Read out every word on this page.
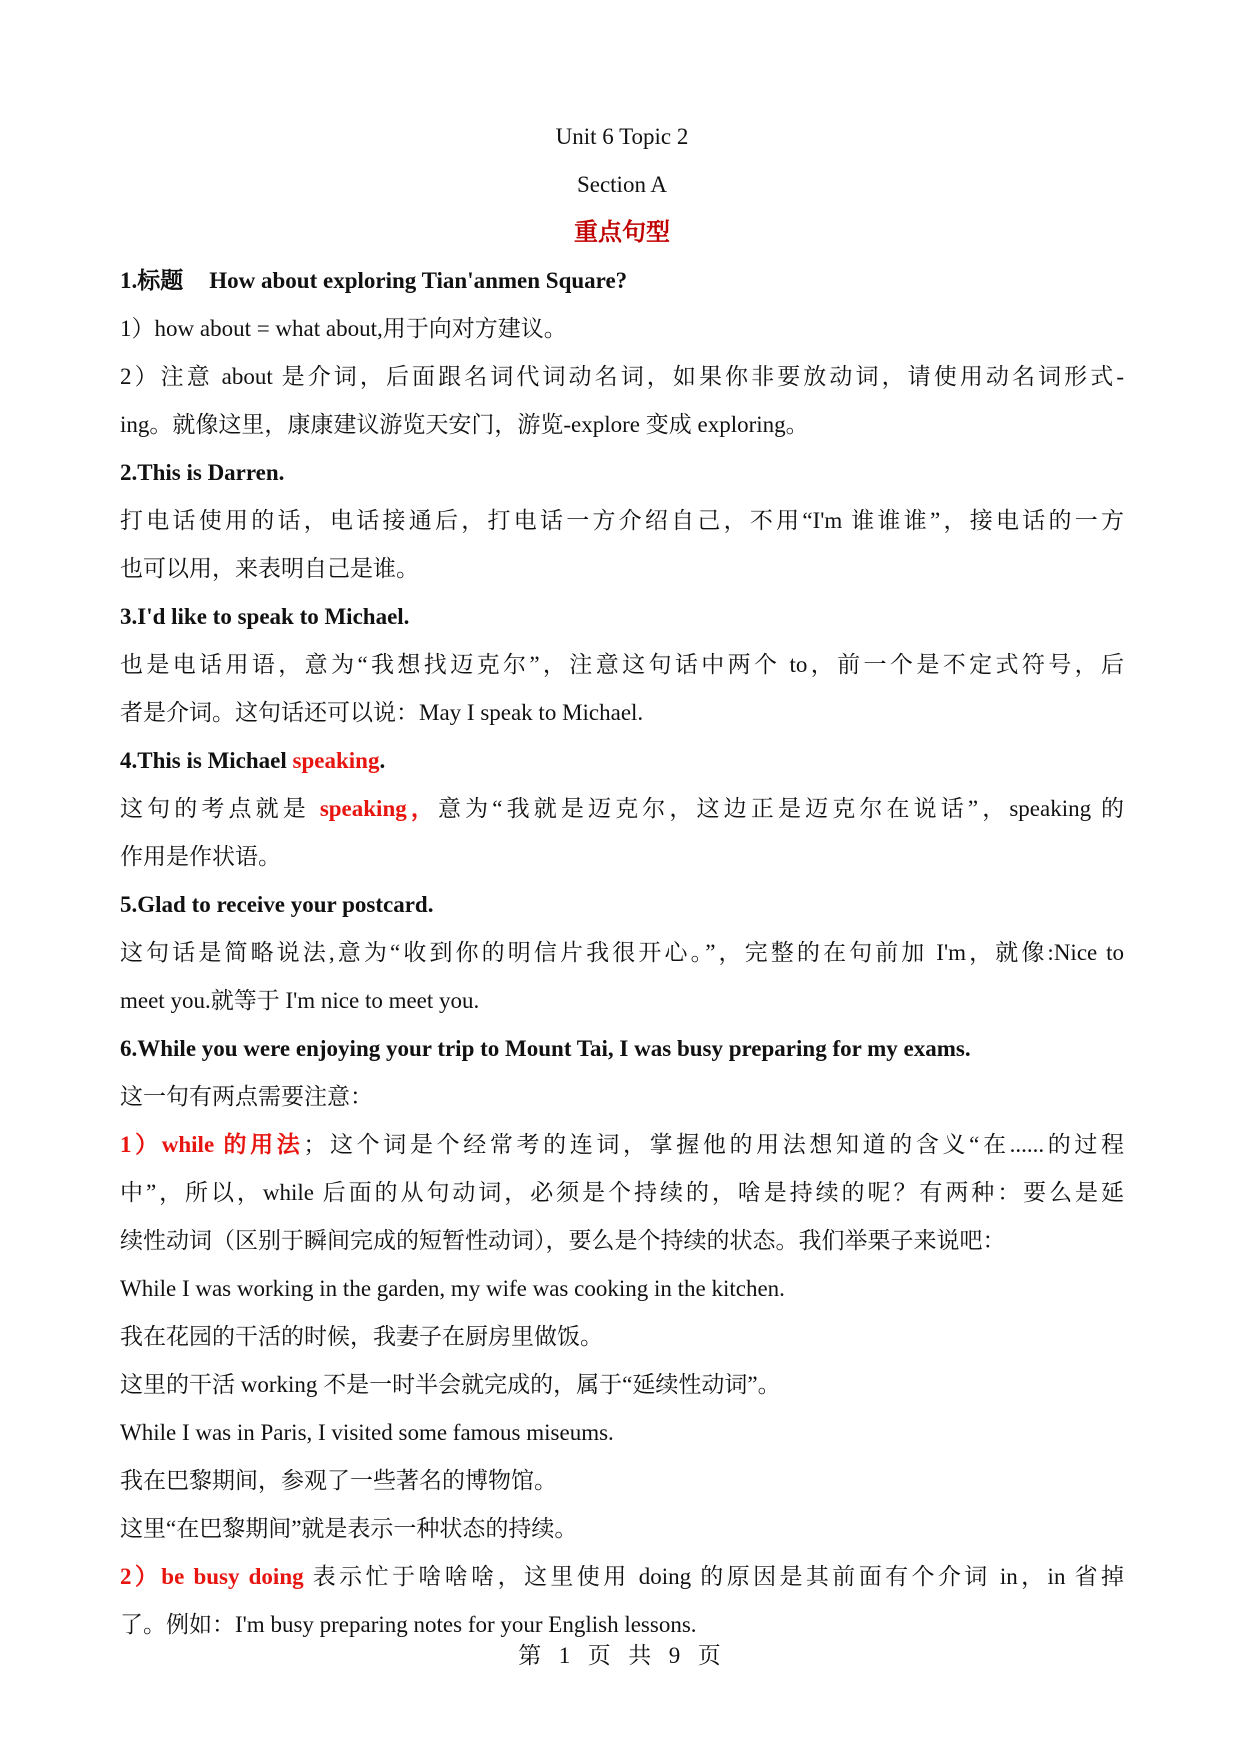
Unit 6 Topic 2

Section A

重点句型

1.标题 How about exploring Tian'anmen Square?

1）how about = what about,用于向对方建议。

2）注意 about 是介词，后面跟名词代词动名词，如果你非要放动词，请使用动名词形式-

ing。就像这里，康康建议游览天安门，游览-explore 变成 exploring。

2.This is Darren.

打电话使用的话，电话接通后，打电话一方介绍自己，不用“I'm 谁谁谁”，接电话的一方

也可以用，来表明自己是谁。

3.I'd like to speak to Michael.

也是电话用语，意为“我想找迈克尔”，注意这句话中两个 to，前一个是不定式符号，后

者是介词。这句话还可以说：May I speak to Michael.

4.This is Michael speaking.

这句的考点就是 speaking，意为“我就是迈克尔，这边正是迈克尔在说话”，speaking 的

作用是作状语。

5.Glad to receive your postcard.

这句话是简略说法,意为“收到你的明信片我很开心。”，完整的在句前加 I'm，就像:Nice to

meet you.就等于 I'm nice to meet you.

6.While you were enjoying your trip to Mount Tai, I was busy preparing for my exams.

这一句有两点需要注意：

1）while 的用法；这个词是个经常考的连词，掌握他的用法想知道的含义“在......的过程

中”，所以，while 后面的从句动词，必须是个持续的，啥是持续的呢？有两种：要么是延

续性动词（区别于瞬间完成的短暂性动词），要么是个持续的状态。我们举栗子来说吧：

While I was working in the garden, my wife was cooking in the kitchen.

我在花园的干活的时候，我妻子在厨房里做饭。

这里的干活 working 不是一时半会就完成的，属于“延续性动词”。

While I was in Paris, I visited some famous miseums.

我在巴黎期间，参观了一些著名的博物馆。

这里“在巴黎期间”就是表示一种状态的持续。

2）be busy doing 表示忙于啥啥啥，这里使用 doing 的原因是其前面有个介词 in，in 省掉

了。例如：I'm busy preparing notes for your English lessons.

第  1  页  共  9  页
